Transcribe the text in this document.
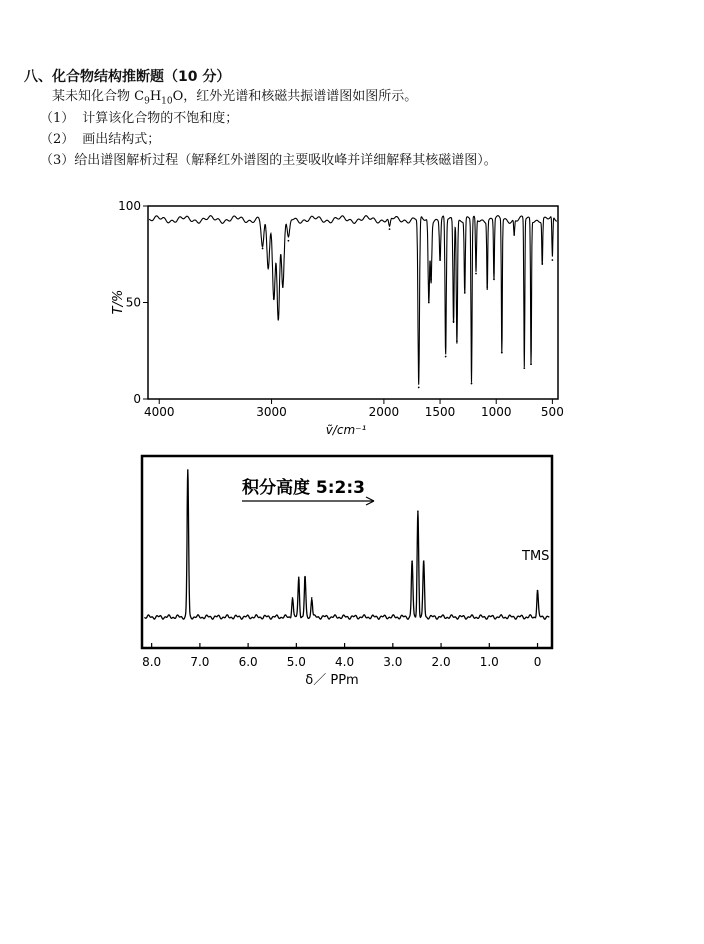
八、化合物结构推断题（10 分）
某未知化合物 $C_9H_{10}O$，红外光谱和核磁共振谱谱图如图所示。
（1） 计算该化合物的不饱和度；
（2） 画出结构式；
（3）给出谱图解析过程（解释红外谱图的主要吸收峰并详细解释其核磁谱图）。
0
50
100
4000	3000	2000 1500 1000 500
T/%
ṽ/cm⁻¹
积分高度 5:2:3
TMS
8.0 7.0 6.0 5.0 4.0 3.0 2.0 1.0	0
δ／ PPm
